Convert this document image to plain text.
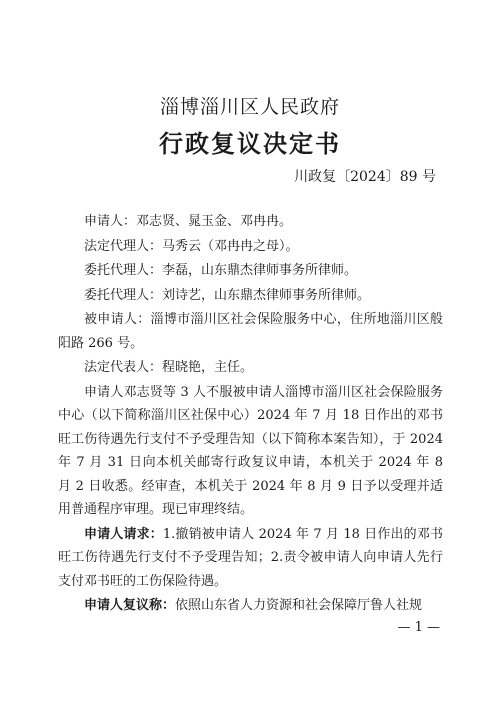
淄博淄川区人民政府
行政复议决定书
川政复〔2024〕89 号

申请人：邓志贤、晁玉金、邓冉冉。

法定代理人：马秀云（邓冉冉之母）。

委托代理人：李磊，山东鼎杰律师事务所律师。

委托代理人：刘诗艺，山东鼎杰律师事务所律师。

被申请人：淄博市淄川区社会保险服务中心，住所地淄川区般阳路 266 号。

法定代表人：程晓艳，主任。

申请人邓志贤等 3 人不服被申请人淄博市淄川区社会保险服务中心（以下简称淄川区社保中心）2024 年 7 月 18 日作出的邓书旺工伤待遇先行支付不予受理告知（以下简称本案告知），于 2024 年 7 月 31 日向本机关邮寄行政复议申请，本机关于 2024 年 8 月 2 日收悉。经审查，本机关于 2024 年 8 月 9 日予以受理并适用普通程序审理。现已审理终结。

申请人请求：1.撤销被申请人 2024 年 7 月 18 日作出的邓书旺工伤待遇先行支付不予受理告知；2.责令被申请人向申请人先行支付邓书旺的工伤保险待遇。

申请人复议称：依照山东省人力资源和社会保障厅鲁人社规

— 1 —
